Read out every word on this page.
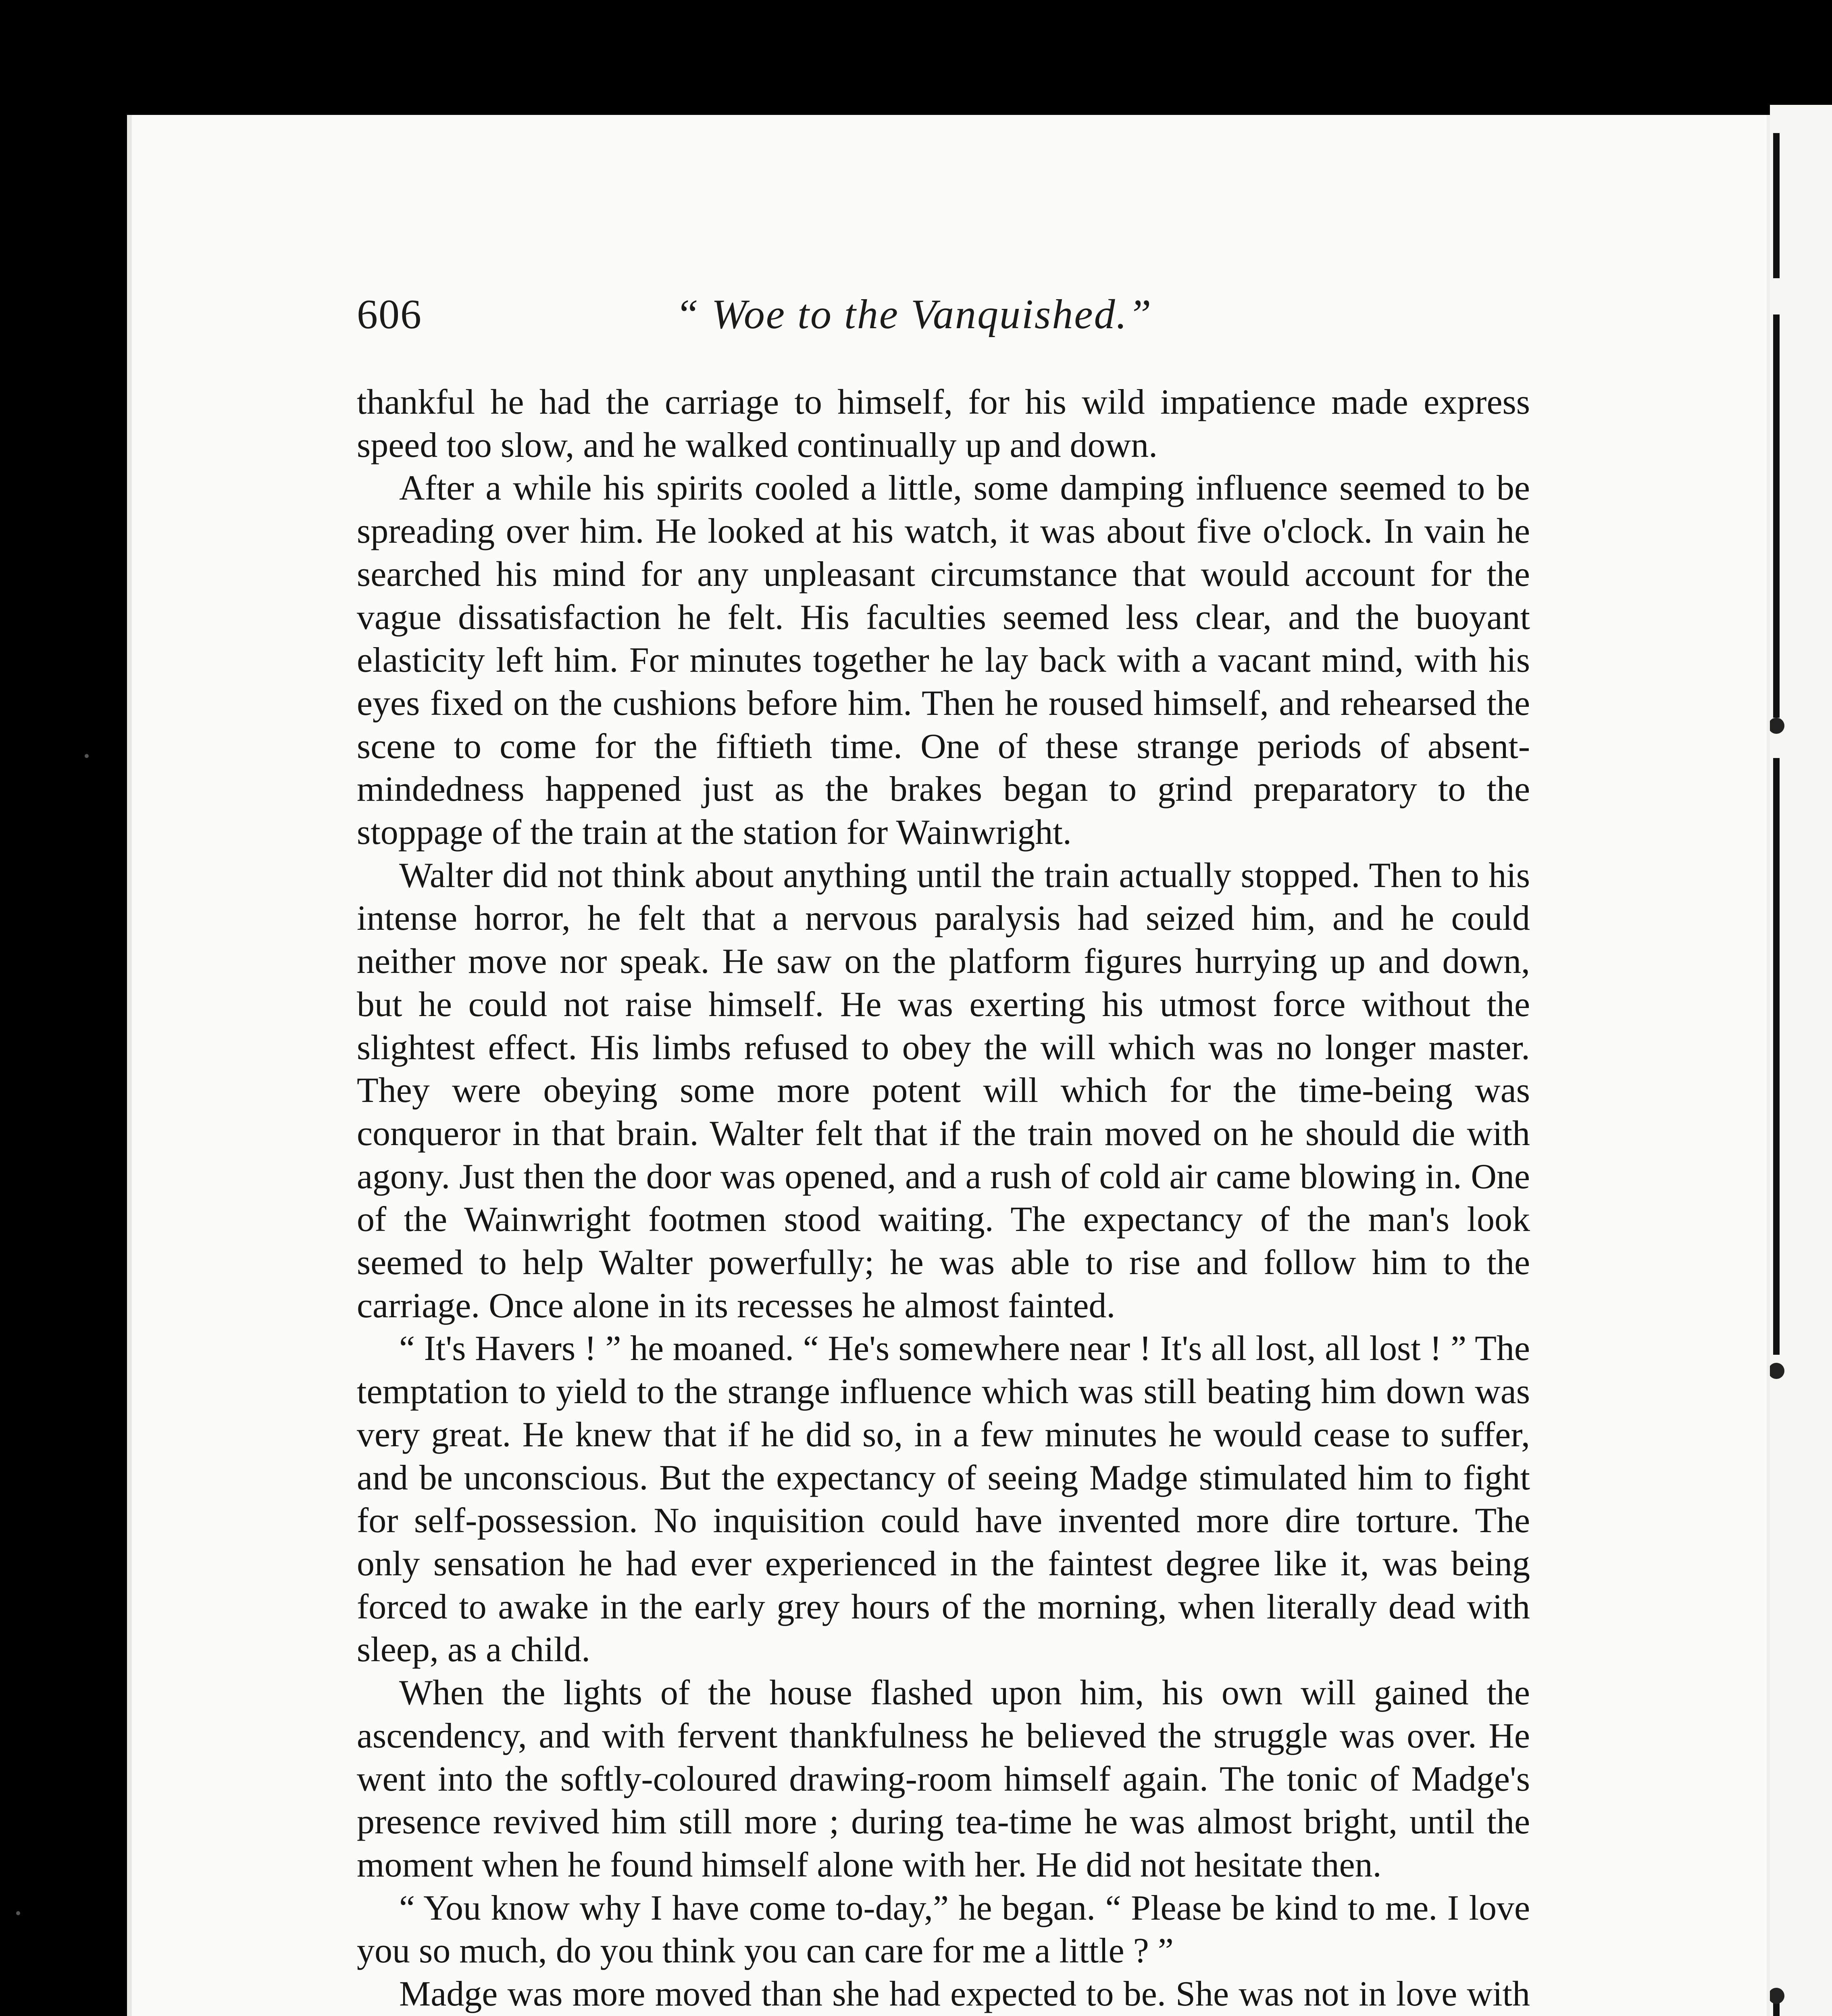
606	“ Woe to the Vanquished.”

thankful he had the carriage to himself, for his wild impatience made express speed too slow, and he walked continually up and down.

After a while his spirits cooled a little, some damping influence seemed to be spreading over him. He looked at his watch, it was about five o'clock. In vain he searched his mind for any unpleasant circumstance that would account for the vague dissatisfaction he felt. His faculties seemed less clear, and the buoyant elasticity left him. For minutes together he lay back with a vacant mind, with his eyes fixed on the cushions before him. Then he roused himself, and rehearsed the scene to come for the fiftieth time. One of these strange periods of absent-mindedness happened just as the brakes began to grind preparatory to the stoppage of the train at the station for Wainwright.

Walter did not think about anything until the train actually stopped. Then to his intense horror, he felt that a nervous paralysis had seized him, and he could neither move nor speak. He saw on the platform figures hurrying up and down, but he could not raise himself. He was exerting his utmost force without the slightest effect. His limbs refused to obey the will which was no longer master. They were obeying some more potent will which for the time-being was conqueror in that brain. Walter felt that if the train moved on he should die with agony. Just then the door was opened, and a rush of cold air came blowing in. One of the Wainwright footmen stood waiting. The expectancy of the man's look seemed to help Walter powerfully; he was able to rise and follow him to the carriage. Once alone in its recesses he almost fainted.

“ It's Havers ! ” he moaned. “ He's somewhere near ! It's all lost, all lost ! ” The temptation to yield to the strange influence which was still beating him down was very great. He knew that if he did so, in a few minutes he would cease to suffer, and be unconscious. But the expectancy of seeing Madge stimulated him to fight for self-possession. No inquisition could have invented more dire torture. The only sensation he had ever experienced in the faintest degree like it, was being forced to awake in the early grey hours of the morning, when literally dead with sleep, as a child.

When the lights of the house flashed upon him, his own will gained the ascendency, and with fervent thankfulness he believed the struggle was over. He went into the softly-coloured drawing-room himself again. The tonic of Madge's presence revived him still more ; during tea-time he was almost bright, until the moment when he found himself alone with her. He did not hesitate then.

“ You know why I have come to-day,” he began. “ Please be kind to me. I love you so much, do you think you can care for me a little ? ”

Madge was more moved than she had expected to be. She was not in love with
